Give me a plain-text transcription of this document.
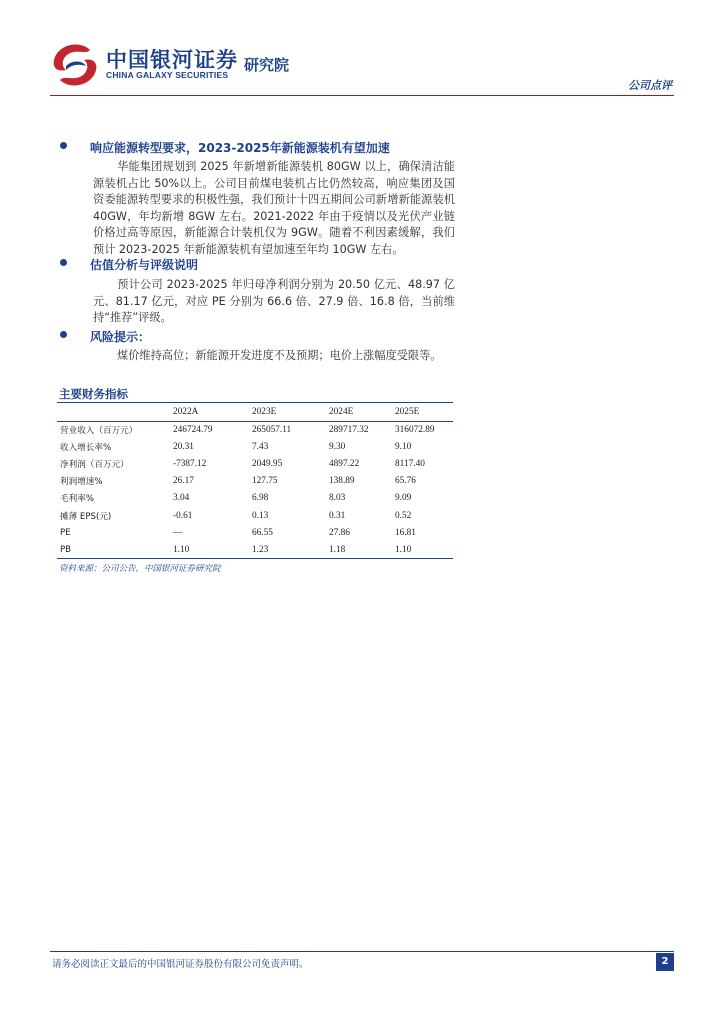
中国银河证券
CHINA GALAXY SECURITIES
研究院
公司点评
响应能源转型要求，2023-2025年新能源装机有望加速
华能集团规划到 2025 年新增新能源装机 80GW 以上，确保清洁能源装机占比 50%以上。公司目前煤电装机占比仍然较高，响应集团及国资委能源转型要求的积极性强，我们预计十四五期间公司新增新能源装机 40GW，年均新增 8GW 左右。2021-2022 年由于疫情以及光伏产业链价格过高等原因，新能源合计装机仅为 9GW。随着不利因素缓解，我们预计 2023-2025 年新能源装机有望加速至年均 10GW 左右。
估值分析与评级说明
预计公司 2023-2025 年归母净利润分别为 20.50 亿元、48.97 亿元、81.17 亿元，对应 PE 分别为 66.6 倍、27.9 倍、16.8 倍，当前维持“推荐”评级。
风险提示：
煤价维持高位；新能源开发进度不及预期；电价上涨幅度受限等。
主要财务指标
	2022A	2023E	2024E	2025E
营业收入（百万元）	246724.79	265057.11	289717.32	316072.89
收入增长率%	20.31	7.43	9.30	9.10
净利润（百万元）	-7387.12	2049.95	4897.22	8117.40
利润增速%	26.17	127.75	138.89	65.76
毛利率%	3.04	6.98	8.03	9.09
摊薄 EPS(元)	-0.61	0.13	0.31	0.52
PE	—	66.55	27.86	16.81
PB	1.10	1.23	1.18	1.10
资料来源：公司公告，中国银河证券研究院
请务必阅读正文最后的中国银河证券股份有限公司免责声明。	2
